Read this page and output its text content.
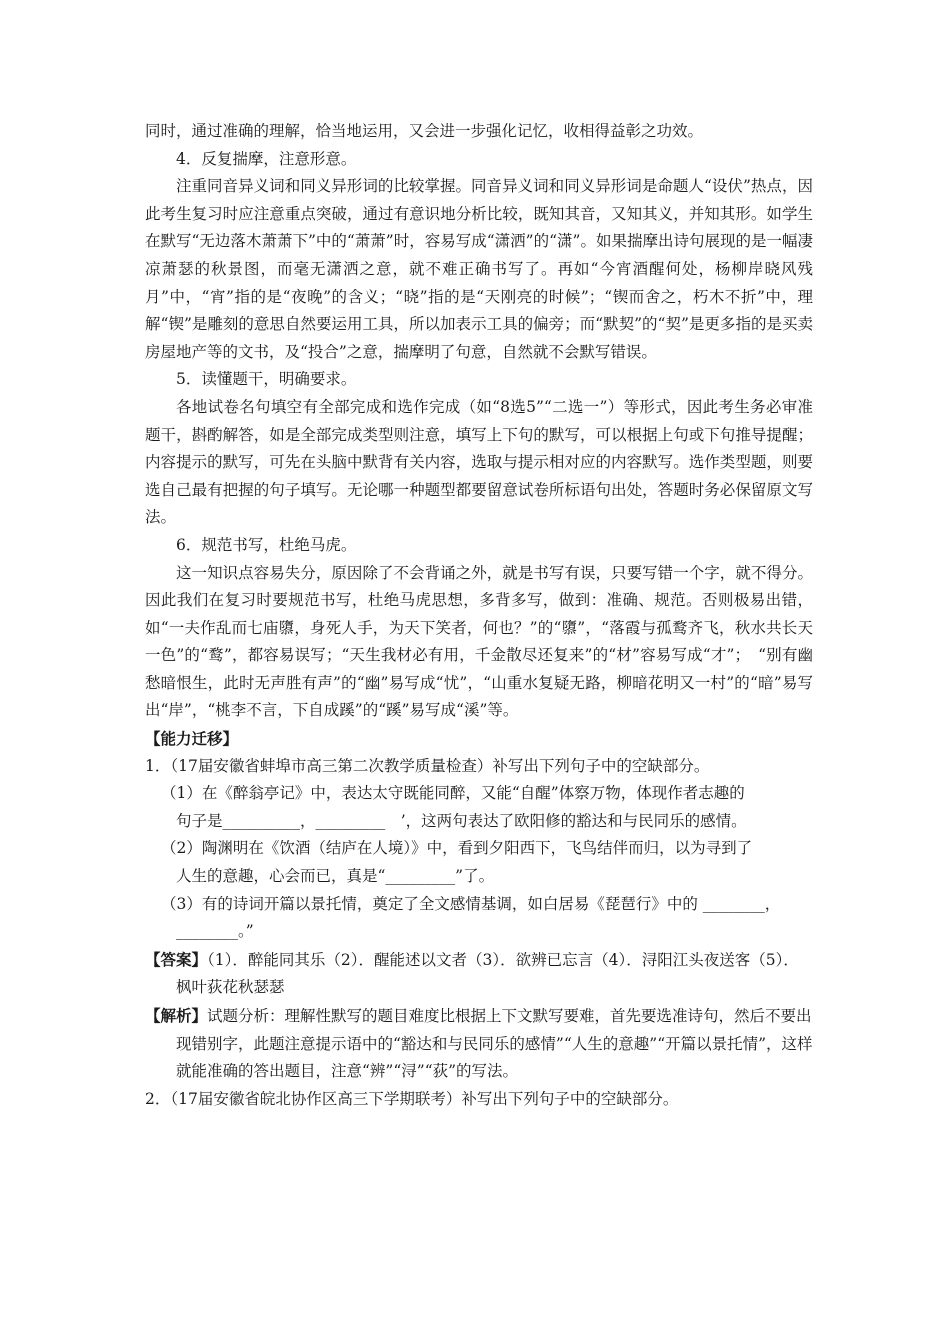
同时，通过准确的理解，恰当地运用，又会进一步强化记忆，收相得益彰之功效。

4．反复揣摩，注意形意。

注重同音异义词和同义异形词的比较掌握。同音异义词和同义异形词是命题人“设伏”热点，因此考生复习时应注意重点突破，通过有意识地分析比较，既知其音，又知其义，并知其形。如学生在默写“无边落木萧萧下”中的“萧萧”时，容易写成“潇洒”的“潇”。如果揣摩出诗句展现的是一幅凄凉萧瑟的秋景图，而毫无潇洒之意，就不难正确书写了。再如“今宵酒醒何处，杨柳岸晓风残月”中，“宵”指的是“夜晚”的含义；“晓”指的是“天刚亮的时候”；“锲而舍之，朽木不折”中，理解“锲”是雕刻的意思自然要运用工具，所以加表示工具的偏旁；而“默契”的“契”是更多指的是买卖房屋地产等的文书，及“投合”之意，揣摩明了句意，自然就不会默写错误。

5．读懂题干，明确要求。

各地试卷名句填空有全部完成和选作完成（如“8选5”“二选一”）等形式，因此考生务必审准题干，斟酌解答，如是全部完成类型则注意，填写上下句的默写，可以根据上句或下句推导提醒；内容提示的默写，可先在头脑中默背有关内容，选取与提示相对应的内容默写。选作类型题，则要选自己最有把握的句子填写。无论哪一种题型都要留意试卷所标语句出处，答题时务必保留原文写法。

6．规范书写，杜绝马虎。

这一知识点容易失分，原因除了不会背诵之外，就是书写有误，只要写错一个字，就不得分。因此我们在复习时要规范书写，杜绝马虎思想，多背多写，做到：准确、规范。否则极易出错，如“一夫作乱而七庙隳，身死人手，为天下笑者，何也？”的“隳”，“落霞与孤鹜齐飞，秋水共长天一色”的“鹜”，都容易误写；“天生我材必有用，千金散尽还复来”的“材”容易写成“才”；　“别有幽愁暗恨生，此时无声胜有声”的“幽”易写成“忧”，“山重水复疑无路，柳暗花明又一村”的“暗”易写出“岸”，“桃李不言，下自成蹊”的“蹊”易写成“溪”等。

【能力迁移】

1．（17届安徽省蚌埠市高三第二次教学质量检查）补写出下列句子中的空缺部分。

（1）在《醉翁亭记》中，表达太守既能同醉，又能“自醒”体察万物，体现作者志趣的

句子是__________，_________　’，这两句表达了欧阳修的豁达和与民同乐的感情。

（2）陶渊明在《饮酒（结庐在人境）》中，看到夕阳西下，飞鸟结伴而归，以为寻到了

人生的意趣，心会而已，真是“_________”了。

（3）有的诗词开篇以景托情，奠定了全文感情基调，如白居易《琵琶行》中的 ________，

________。”

【答案】（1）．醉能同其乐（2）．醒能述以文者（3）．欲辨已忘言（4）．浔阳江头夜送客（5）．枫叶荻花秋瑟瑟

【解析】试题分析：理解性默写的题目难度比根据上下文默写要难，首先要选准诗句，然后不要出现错别字，此题注意提示语中的“豁达和与民同乐的感情”“人生的意趣”“开篇以景托情”，这样就能准确的答出题目，注意“辨”“浔”“荻”的写法。

2．（17届安徽省皖北协作区高三下学期联考）补写出下列句子中的空缺部分。
